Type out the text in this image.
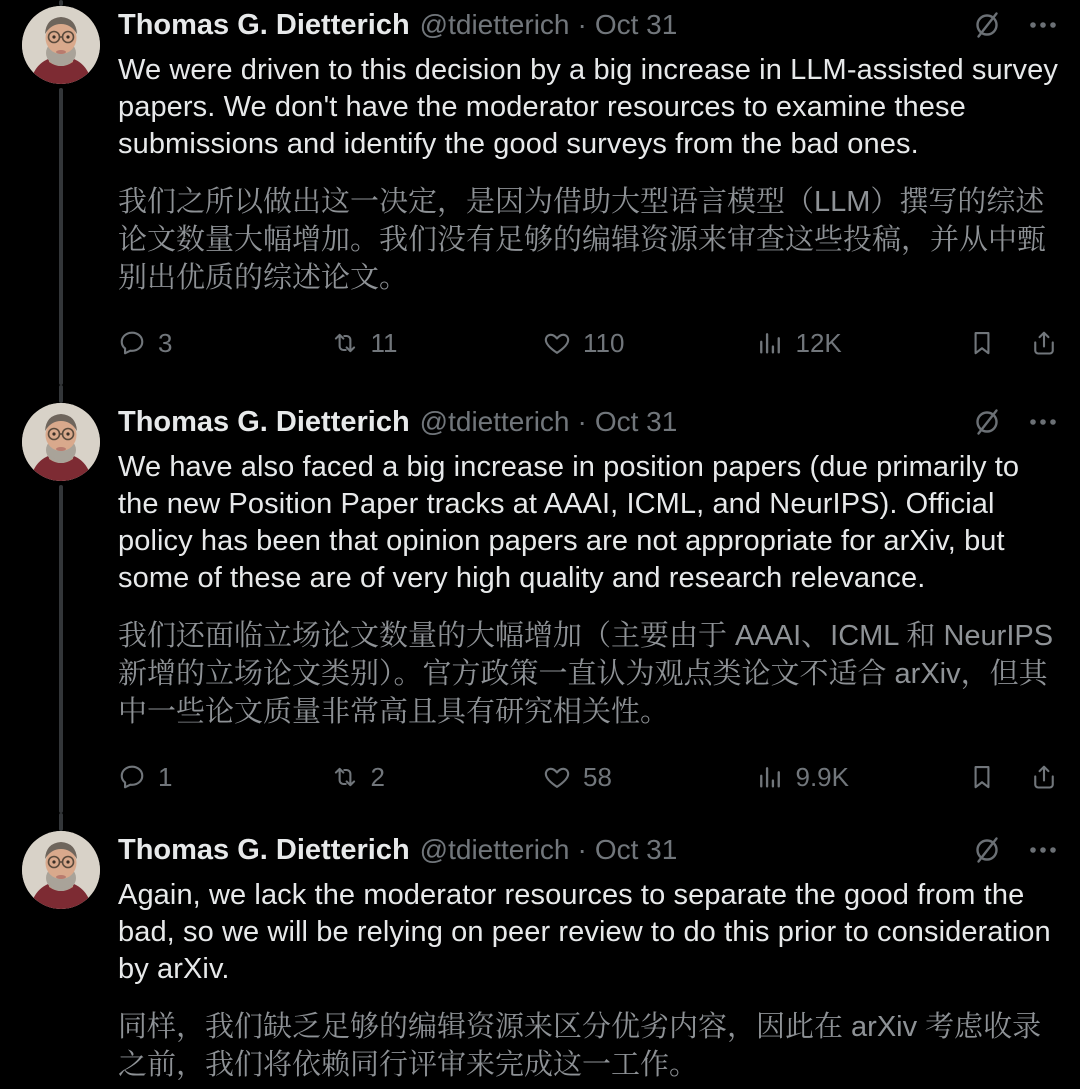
Thomas G. Dietterich @tdietterich · Oct 31

We were driven to this decision by a big increase in LLM-assisted survey papers. We don't have the moderator resources to examine these submissions and identify the good surveys from the bad ones.

我们之所以做出这一决定，是因为借助大型语言模型（LLM）撰写的综述论文数量大幅增加。我们没有足够的编辑资源来审查这些投稿，并从中甄别出优质的综述论文。

3	11	110	12K
Thomas G. Dietterich @tdietterich · Oct 31

We have also faced a big increase in position papers (due primarily to the new Position Paper tracks at AAAI, ICML, and NeurIPS). Official policy has been that opinion papers are not appropriate for arXiv, but some of these are of very high quality and research relevance.

我们还面临立场论文数量的大幅增加（主要由于 AAAI、ICML 和 NeurIPS 新增的立场论文类别）。官方政策一直认为观点类论文不适合 arXiv，但其中一些论文质量非常高且具有研究相关性。

1	2	58	9.9K
Thomas G. Dietterich @tdietterich · Oct 31

Again, we lack the moderator resources to separate the good from the bad, so we will be relying on peer review to do this prior to consideration by arXiv.

同样，我们缺乏足够的编辑资源来区分优劣内容，因此在 arXiv 考虑收录之前，我们将依赖同行评审来完成这一工作。
